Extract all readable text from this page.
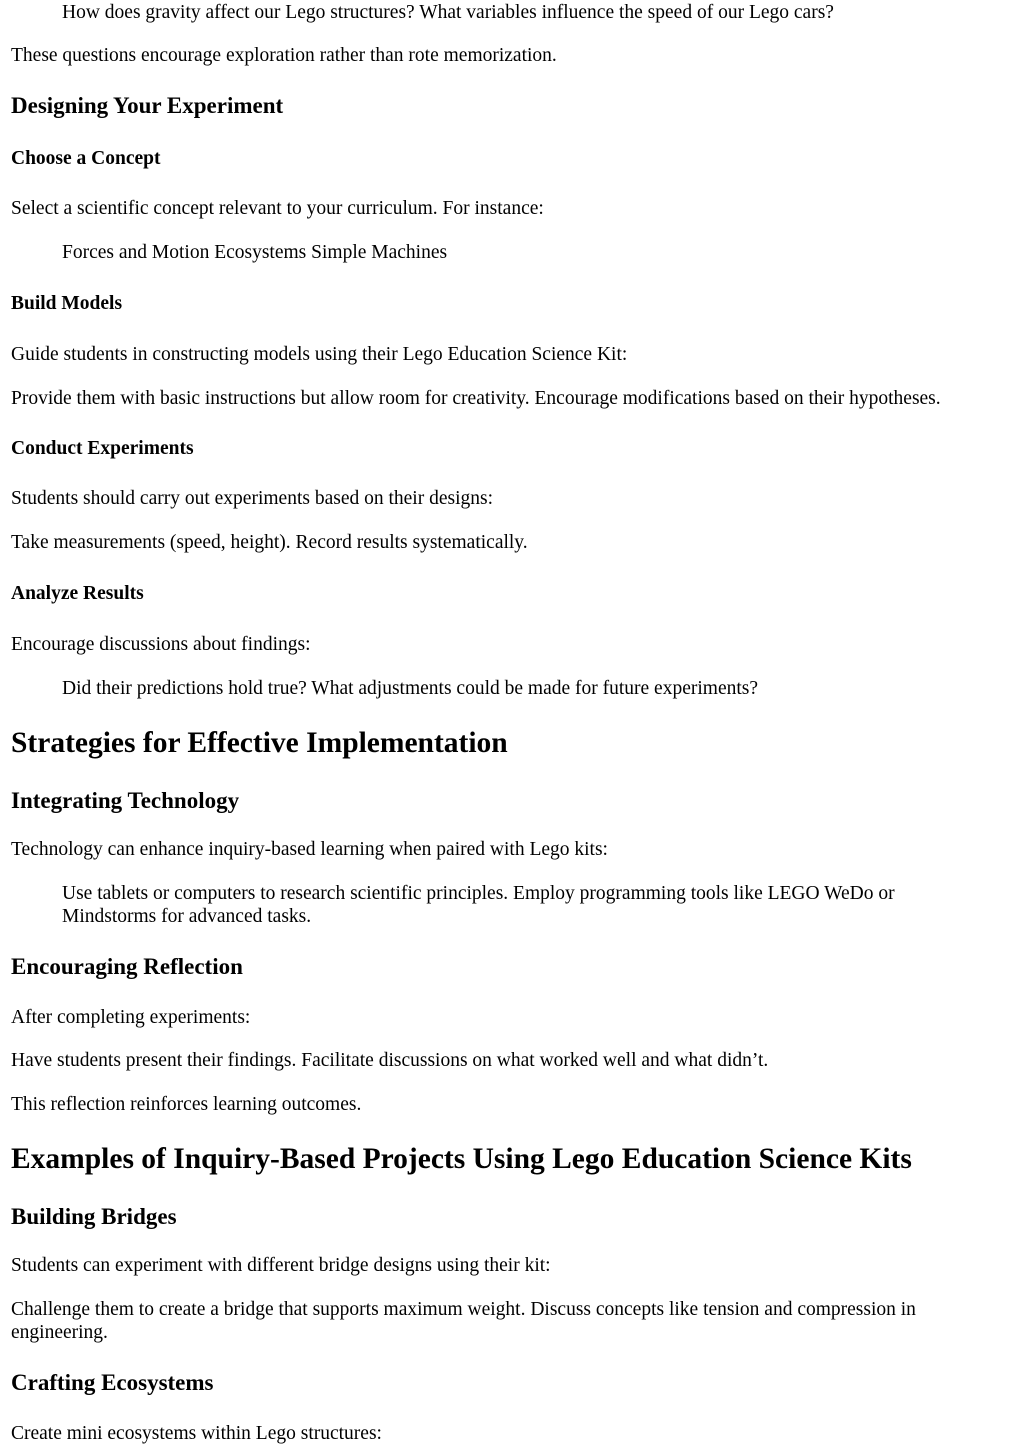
How does gravity affect our Lego structures? What variables influence the speed of our Lego cars?

These questions encourage exploration rather than rote memorization.

Designing Your Experiment
Choose a Concept

Select a scientific concept relevant to your curriculum. For instance:

Forces and Motion Ecosystems Simple Machines

Build Models

Guide students in constructing models using their Lego Education Science Kit:

Provide them with basic instructions but allow room for creativity. Encourage modifications based on their hypotheses.

Conduct Experiments

Students should carry out experiments based on their designs:

Take measurements (speed, height). Record results systematically.

Analyze Results

Encourage discussions about findings:

Did their predictions hold true? What adjustments could be made for future experiments?

Strategies for Effective Implementation
Integrating Technology

Technology can enhance inquiry-based learning when paired with Lego kits:

Use tablets or computers to research scientific principles. Employ programming tools like LEGO WeDo or Mindstorms for advanced tasks.

Encouraging Reflection

After completing experiments:

Have students present their findings. Facilitate discussions on what worked well and what didn’t.

This reflection reinforces learning outcomes.

Examples of Inquiry-Based Projects Using Lego Education Science Kits
Building Bridges

Students can experiment with different bridge designs using their kit:

Challenge them to create a bridge that supports maximum weight. Discuss concepts like tension and compression in engineering.

Crafting Ecosystems

Create mini ecosystems within Lego structures:
